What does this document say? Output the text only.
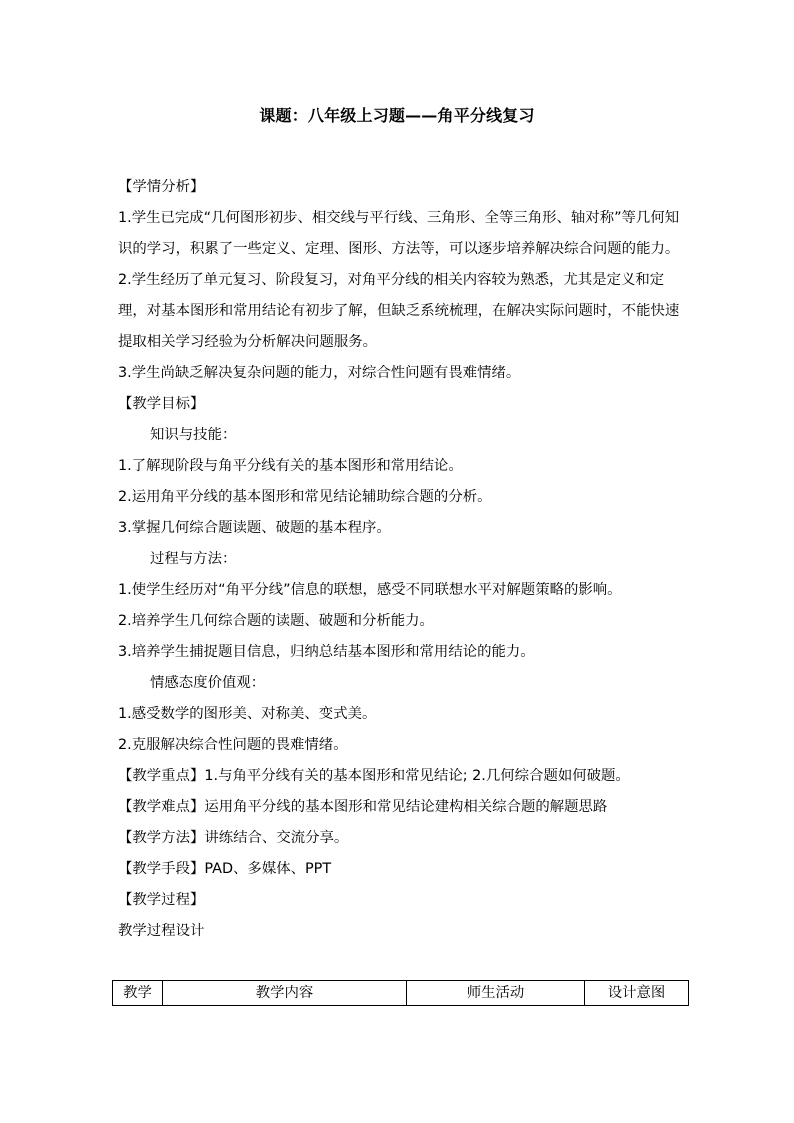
课题：八年级上习题——角平分线复习

【学情分析】

1.学生已完成“几何图形初步、相交线与平行线、三角形、全等三角形、轴对称”等几何知识的学习，积累了一些定义、定理、图形、方法等，可以逐步培养解决综合问题的能力。

2.学生经历了单元复习、阶段复习，对角平分线的相关内容较为熟悉，尤其是定义和定理，对基本图形和常用结论有初步了解，但缺乏系统梳理，在解决实际问题时，不能快速提取相关学习经验为分析解决问题服务。

3.学生尚缺乏解决复杂问题的能力，对综合性问题有畏难情绪。

【教学目标】

知识与技能：

1.了解现阶段与角平分线有关的基本图形和常用结论。

2.运用角平分线的基本图形和常见结论辅助综合题的分析。

3.掌握几何综合题读题、破题的基本程序。

过程与方法：

1.使学生经历对“角平分线”信息的联想，感受不同联想水平对解题策略的影响。

2.培养学生几何综合题的读题、破题和分析能力。

3.培养学生捕捉题目信息，归纳总结基本图形和常用结论的能力。

情感态度价值观：

1.感受数学的图形美、对称美、变式美。

2.克服解决综合性问题的畏难情绪。

【教学重点】1.与角平分线有关的基本图形和常见结论; 2.几何综合题如何破题。

【教学难点】运用角平分线的基本图形和常见结论建构相关综合题的解题思路

【教学方法】讲练结合、交流分享。

【教学手段】PAD、多媒体、PPT

【教学过程】

教学过程设计

教学	教学内容	师生活动	设计意图
